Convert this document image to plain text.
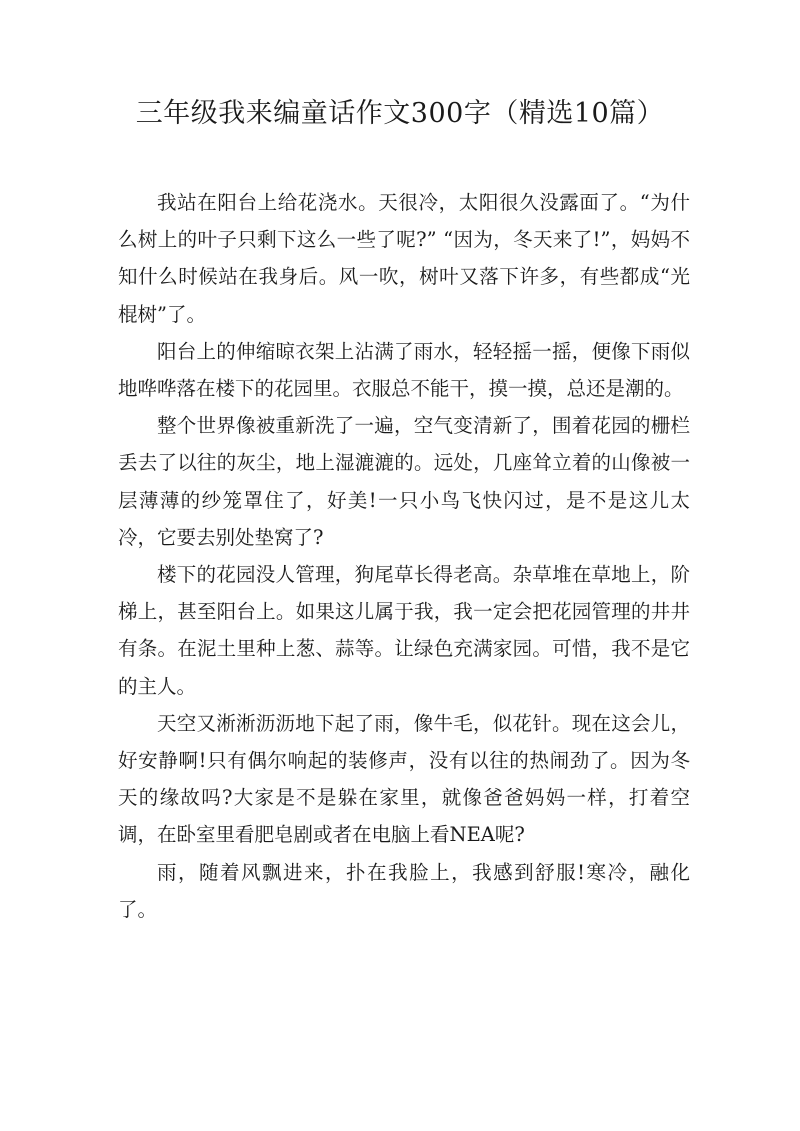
三年级我来编童话作文300字（精选10篇）

我站在阳台上给花浇水。天很冷，太阳很久没露面了。“为什么树上的叶子只剩下这么一些了呢?” “因为，冬天来了!”，妈妈不知什么时候站在我身后。风一吹，树叶又落下许多，有些都成“光棍树”了。

阳台上的伸缩晾衣架上沾满了雨水，轻轻摇一摇，便像下雨似地哗哗落在楼下的花园里。衣服总不能干，摸一摸，总还是潮的。

整个世界像被重新洗了一遍，空气变清新了，围着花园的栅栏丢去了以往的灰尘，地上湿漉漉的。远处，几座耸立着的山像被一层薄薄的纱笼罩住了，好美!一只小鸟飞快闪过，是不是这儿太冷，它要去别处垫窝了?

楼下的花园没人管理，狗尾草长得老高。杂草堆在草地上，阶梯上，甚至阳台上。如果这儿属于我，我一定会把花园管理的井井有条。在泥土里种上葱、蒜等。让绿色充满家园。可惜，我不是它的主人。

天空又淅淅沥沥地下起了雨，像牛毛，似花针。现在这会儿，好安静啊!只有偶尔响起的装修声，没有以往的热闹劲了。因为冬天的缘故吗?大家是不是躲在家里，就像爸爸妈妈一样，打着空调，在卧室里看肥皂剧或者在电脑上看NEA呢?

雨，随着风飘进来，扑在我脸上，我感到舒服!寒冷，融化了。
